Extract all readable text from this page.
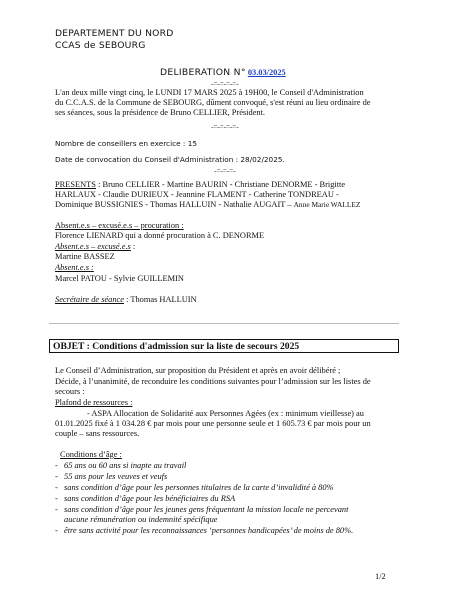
DEPARTEMENT DU NORD
CCAS de SEBOURG
DELIBERATION N° 03.03/2025
-=-=-=-=-
L'an deux mille vingt cinq, le LUNDI 17 MARS 2025 à 19H00, le Conseil d'Administration
du C.C.A.S. de la Commune de SEBOURG, dûment convoqué, s'est réuni au lieu ordinaire de
ses séances, sous la présidence de Bruno CELLIER, Président.
-=-=-=-=-
Nombre de conseillers en exercice : 15
Date de convocation du Conseil d'Administration : 28/02/2025.
-=-=-=-
PRESENTS : Bruno CELLIER - Martine BAURIN - Christiane DENORME - Brigitte
HARLAUX - Claudie DURIEUX - Jeannine FLAMENT - Catherine TONDREAU -
Dominique BUSSIGNIES - Thomas HALLUIN - Nathalie AUGAIT – Anne Marie WALLEZ
Absent.e.s – excusé.e.s – procuration :
Florence LIENARD qui a donné procuration à C. DENORME
Absent.e.s – excusé.e.s :
Martine BASSEZ
Absent.e.s :
Marcel PATOU - Sylvie GUILLEMIN
Secrétaire de séance : Thomas HALLUIN
OBJET : Conditions d'admission sur la liste de secours 2025
Le Conseil d’Administration, sur proposition du Président et après en avoir délibéré ;
Décide, à l’unanimité, de reconduire les conditions suivantes pour l’admission sur les listes de
secours :
Plafond de ressources :
- ASPA Allocation de Solidarité aux Personnes Agées (ex : minimum vieillesse) au
01.01.2025 fixé à 1 034.28 € par mois pour une personne seule et 1 605.73 € par mois pour un
couple – sans ressources.
Conditions d’âge :
- 65 ans ou 60 ans si inapte au travail
- 55 ans pour les veuves et veufs
- sans condition d’âge pour les personnes titulaires de la carte d’invalidité à 80%
- sans condition d’âge pour les bénéficiaires du RSA
- sans condition d’âge pour les jeunes gens fréquentant la mission locale ne percevant
aucune rémunération ou indemnité spécifique
- être sans activité pour les reconnaissances ‘personnes handicapées’ de moins de 80%.
1/2
